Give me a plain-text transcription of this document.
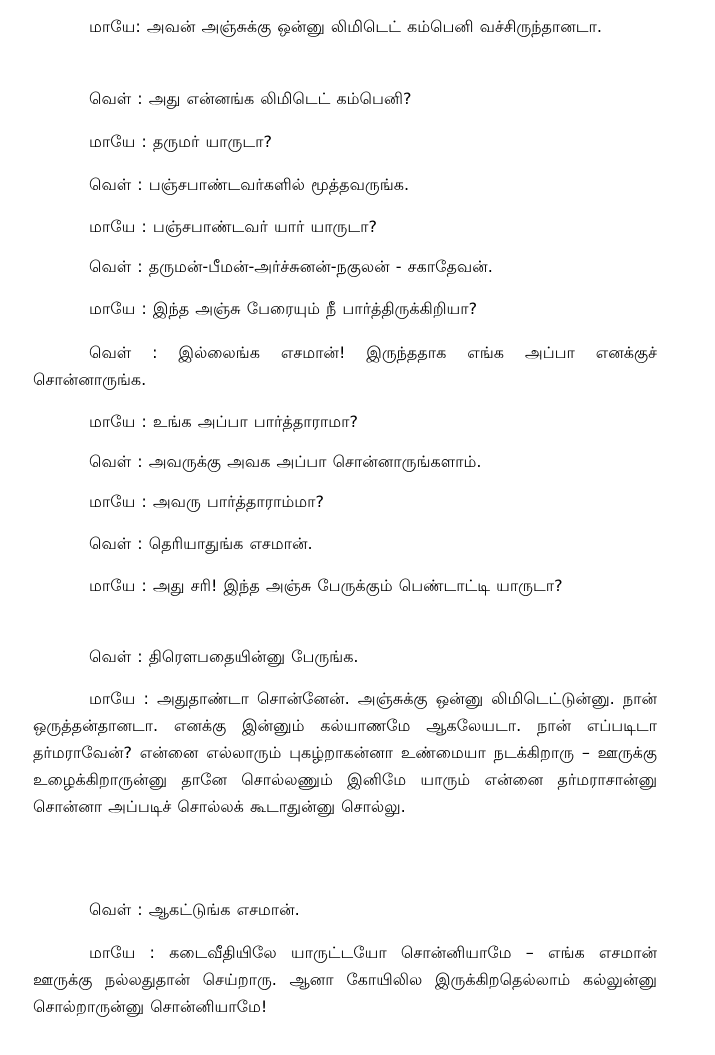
மாயே: அவன் அஞ்சுக்கு ஒன்னு லிமிடெட் கம்பெனி வச்சிருந்தானடா.

வெள் : அது என்னங்க லிமிடெட் கம்பெனி?

மாயே : தருமர் யாருடா?

வெள் : பஞ்சபாண்டவர்களில் மூத்தவருங்க.

மாயே : பஞ்சபாண்டவர் யார் யாருடா?

வெள் : தருமன்-பீமன்-அர்ச்சுனன்-நகுலன் - சகாதேவன்.

மாயே : இந்த அஞ்சு பேரையும் நீ பார்த்திருக்கிறியா?

வெள் : இல்லைங்க எசமான்! இருந்ததாக எங்க அப்பா எனக்குச் சொன்னாருங்க.

மாயே : உங்க அப்பா பார்த்தாராமா?

வெள் : அவருக்கு அவக அப்பா சொன்னாருங்களாம்.

மாயே : அவரு பார்த்தாராம்மா?

வெள் : தெரியாதுங்க எசமான்.

மாயே : அது சரி! இந்த அஞ்சு பேருக்கும் பெண்டாட்டி யாருடா?

வெள் : திரௌபதையின்னு பேருங்க.

மாயே : அதுதாண்டா சொன்னேன். அஞ்சுக்கு ஒன்னு லிமிடெட்டுன்னு. நான் ஒருத்தன்தானடா. எனக்கு இன்னும் கல்யாணமே ஆகலேயடா. நான் எப்படிடா தர்மராவேன்? என்னை எல்லாரும் புகழ்றாகன்னா உண்மையா நடக்கிறாரு – ஊருக்கு உழைக்கிறாருன்னு தானே சொல்லணும் இனிமே யாரும் என்னை தர்மராசான்னு சொன்னா அப்படிச் சொல்லக் கூடாதுன்னு சொல்லு.

வெள் : ஆகட்டுங்க எசமான்.

மாயே : கடைவீதியிலே யாருட்டயோ சொன்னியாமே – எங்க எசமான் ஊருக்கு நல்லதுதான் செய்றாரு. ஆனா கோயிலில இருக்கிறதெல்லாம் கல்லுன்னு சொல்றாருன்னு சொன்னியாமே!
